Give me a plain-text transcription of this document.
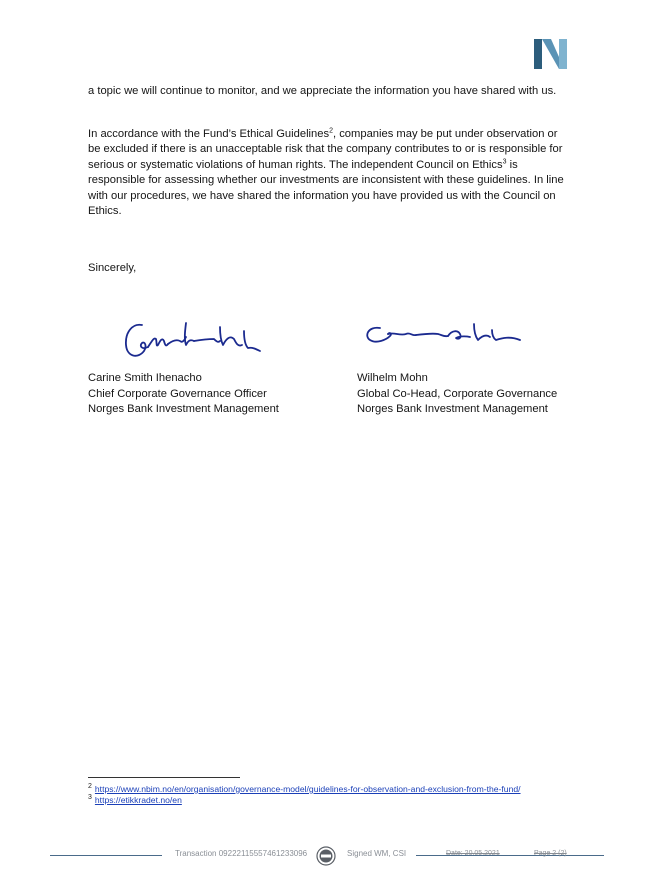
a topic we will continue to monitor, and we appreciate the information you have shared with us.

In accordance with the Fund’s Ethical Guidelines$^2$, companies may be put under observation or be excluded if there is an unacceptable risk that the company contributes to or is responsible for serious or systematic violations of human rights. The independent Council on Ethics$^3$ is responsible for assessing whether our investments are inconsistent with these guidelines. In line with our procedures, we have shared the information you have provided us with the Council on Ethics.

Sincerely,

Carine Smith Ihenacho
Chief Corporate Governance Officer
Norges Bank Investment Management
Wilhelm Mohn
Global Co-Head, Corporate Governance
Norges Bank Investment Management
$^2$ https://www.nbim.no/en/organisation/governance-model/guidelines-for-observation-and-exclusion-from-the-fund/
$^3$ https://etikkradet.no/en
Transaction 09222115557461233096	Signed WM, CSI	Date: 20.05.2021	Page 2 (2)
